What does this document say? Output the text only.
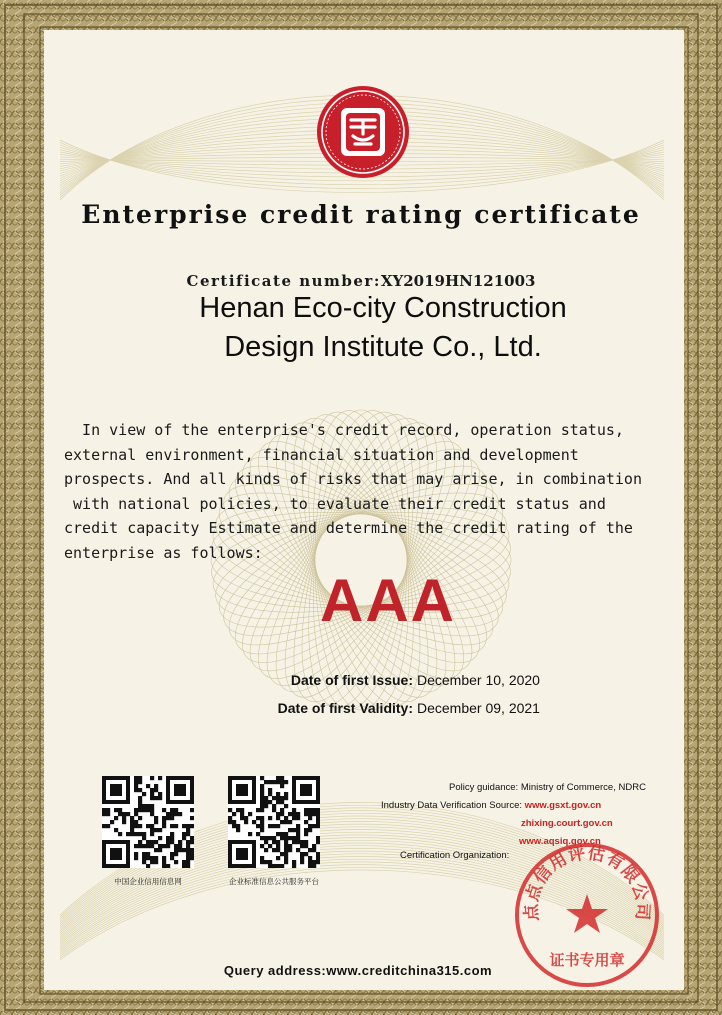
Enterprise credit rating certificate
Certificate number:XY2019HN121003
Henan Eco-city Construction
Design Institute Co., Ltd.
In view of the enterprise's credit record, operation status,
external environment, financial situation and development
prospects. And all kinds of risks that may arise, in combination
with national policies, to evaluate their credit status and
credit capacity Estimate and determine the credit rating of the
enterprise as follows:
AAA
Date of first Issue: December 10, 2020
Date of first Validity: December 09, 2021
Policy guidance: Ministry of Commerce, NDRC
Industry Data Verification Source: www.gsxt.gov.cn
zhixing.court.gov.cn
www.aqsiq.gov.cn
Certification Organization:
中国企业信用信息网	企业标准信息公共服务平台
点点信用评估有限公司
证书专用章
Query address:www.creditchina315.com
